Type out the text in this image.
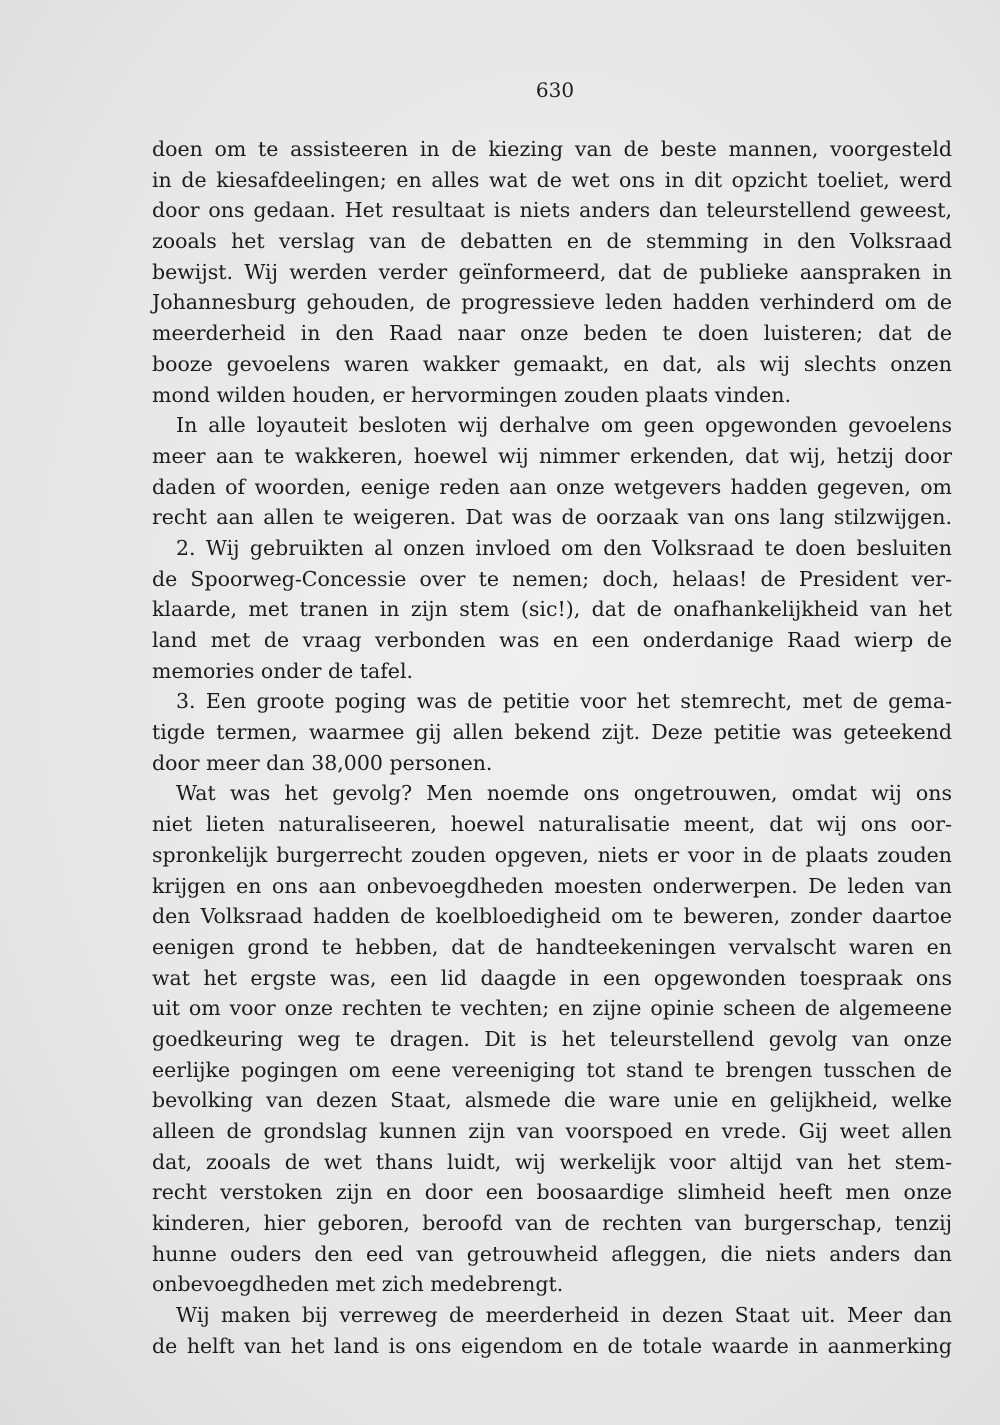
630

doen om te assisteeren in de kiezing van de beste mannen, voorgesteld
in de kiesafdeelingen; en alles wat de wet ons in dit opzicht toeliet, werd
door ons gedaan. Het resultaat is niets anders dan teleurstellend geweest,
zooals het verslag van de debatten en de stemming in den Volksraad
bewijst. Wij werden verder geïnformeerd, dat de publieke aanspraken in
Johannesburg gehouden, de progressieve leden hadden verhinderd om de
meerderheid in den Raad naar onze beden te doen luisteren; dat de
booze gevoelens waren wakker gemaakt, en dat, als wij slechts onzen
mond wilden houden, er hervormingen zouden plaats vinden.
In alle loyauteit besloten wij derhalve om geen opgewonden gevoelens
meer aan te wakkeren, hoewel wij nimmer erkenden, dat wij, hetzij door
daden of woorden, eenige reden aan onze wetgevers hadden gegeven, om
recht aan allen te weigeren. Dat was de oorzaak van ons lang stilzwijgen.
2. Wij gebruikten al onzen invloed om den Volksraad te doen besluiten
de Spoorweg-Concessie over te nemen; doch, helaas! de President ver-
klaarde, met tranen in zijn stem (sic!), dat de onafhankelijkheid van het
land met de vraag verbonden was en een onderdanige Raad wierp de
memories onder de tafel.
3. Een groote poging was de petitie voor het stemrecht, met de gema-
tigde termen, waarmee gij allen bekend zijt. Deze petitie was geteekend
door meer dan 38,000 personen.
Wat was het gevolg? Men noemde ons ongetrouwen, omdat wij ons
niet lieten naturaliseeren, hoewel naturalisatie meent, dat wij ons oor-
spronkelijk burgerrecht zouden opgeven, niets er voor in de plaats zouden
krijgen en ons aan onbevoegdheden moesten onderwerpen. De leden van
den Volksraad hadden de koelbloedigheid om te beweren, zonder daartoe
eenigen grond te hebben, dat de handteekeningen vervalscht waren en
wat het ergste was, een lid daagde in een opgewonden toespraak ons
uit om voor onze rechten te vechten; en zijne opinie scheen de algemeene
goedkeuring weg te dragen. Dit is het teleurstellend gevolg van onze
eerlijke pogingen om eene vereeniging tot stand te brengen tusschen de
bevolking van dezen Staat, alsmede die ware unie en gelijkheid, welke
alleen de grondslag kunnen zijn van voorspoed en vrede. Gij weet allen
dat, zooals de wet thans luidt, wij werkelijk voor altijd van het stem-
recht verstoken zijn en door een boosaardige slimheid heeft men onze
kinderen, hier geboren, beroofd van de rechten van burgerschap, tenzij
hunne ouders den eed van getrouwheid afleggen, die niets anders dan
onbevoegdheden met zich medebrengt.
Wij maken bij verreweg de meerderheid in dezen Staat uit. Meer dan
de helft van het land is ons eigendom en de totale waarde in aanmerking
